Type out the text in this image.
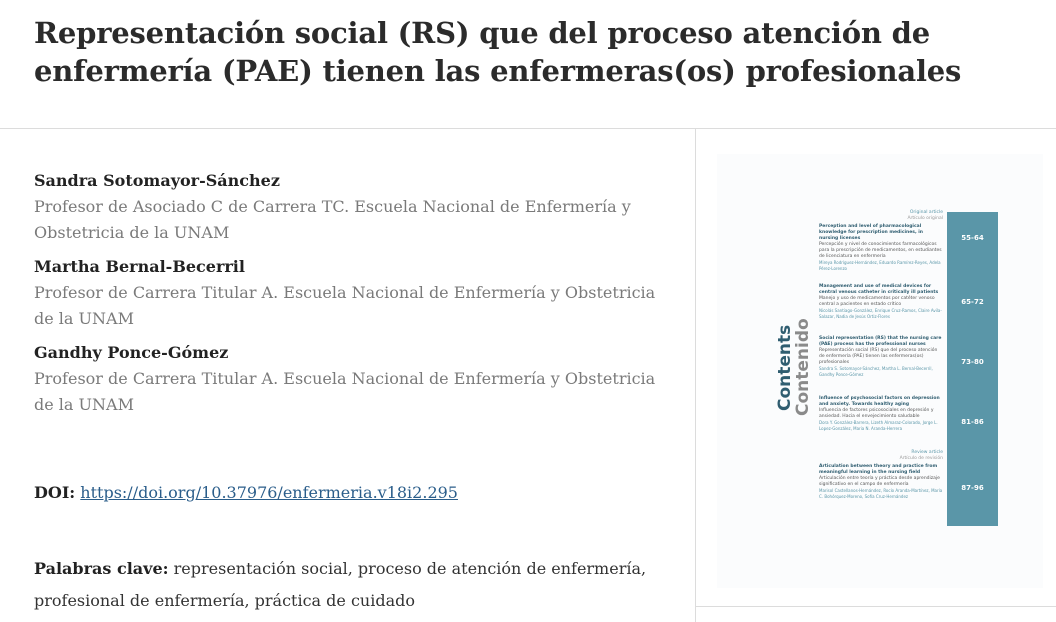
Representación social (RS) que del proceso atención de enfermería (PAE) tienen las enfermeras(os) profesionales
Sandra Sotomayor-Sánchez
Profesor de Asociado C de Carrera TC. Escuela Nacional de Enfermería y Obstetricia de la UNAM
Martha Bernal-Becerril
Profesor de Carrera Titular A. Escuela Nacional de Enfermería y Obstetricia de la UNAM
Gandhy Ponce-Gómez
Profesor de Carrera Titular A. Escuela Nacional de Enfermería y Obstetricia de la UNAM
DOI: https://doi.org/10.37976/enfermeria.v18i2.295
Palabras clave: representación social, proceso de atención de enfermería, profesional de enfermería, práctica de cuidado
Contents
Contenido
55-64
65-72
73-80
81-86
87-96
Original article
Artículo original
Perception and level of pharmacological knowledge for prescription medicines, in nursing licenses
Percepción y nivel de conocimientos farmacológicos para la prescripción de medicamentos, en estudiantes de licenciatura en enfermería
Mireya Rodríguez-Hernández, Eduardo Ramírez-Reyes, Adela Pérez-Lorenzo
Management and use of medical devices for central venous catheter in critically ill patients
Manejo y uso de medicamentos por catéter venoso central a pacientes en estado crítico
Nicolás Santiago-González, Enrique Cruz-Ramos, Claire Avila-Salazar, Nadia de Jesús Ortiz-Flores
Social representation (RS) that the nursing care (PAE) process has the professional nurses
Representación social (RS) que del proceso atención de enfermería (PAE) tienen las enfermeras(os) profesionales
Sandra S. Sotomayor-Sánchez, Martha L. Bernal-Becerril, Gandhy Ponce-Gómez
Influence of psychosocial factors on depression and anxiety. Towards healthy aging
Influencia de factores psicosociales en depresión y ansiedad. Hacia el envejecimiento saludable
Dora Y. González-Barrera, Lizeth Almaraz-Colorado, Jorge L. Lopez-González, Maria N. Aranda-Herrera
Review article
Artículo de revisión
Articulation between theory and practice from meaningful learning in the nursing field
Articulación entre teoría y práctica desde aprendizaje significativo en el campo de enfermería
Marisol Castellanos-Hernández, Rocío Aranda-Martínez, María C. Bohórquez-Moreno, Sofía Cruz-Hernández
